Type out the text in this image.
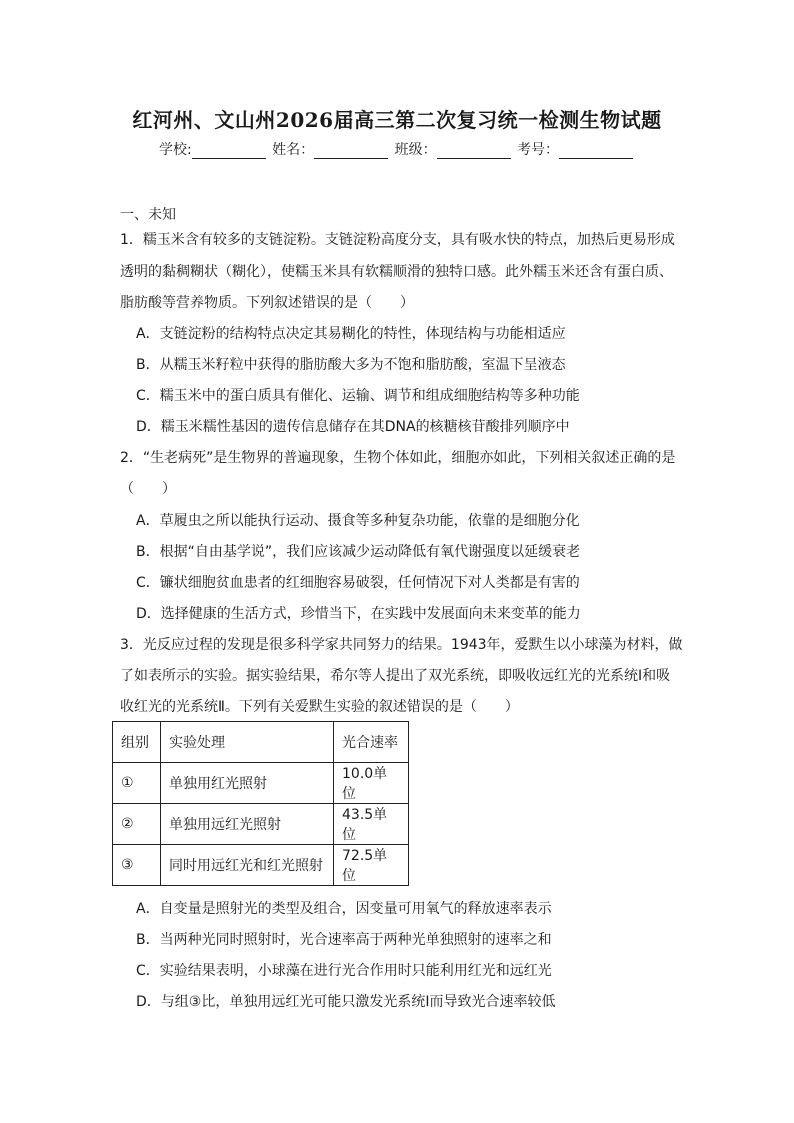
红河州、文山州2026届高三第二次复习统一检测生物试题
学校:	姓名：	班级：	考号：
一、未知
1．糯玉米含有较多的支链淀粉。支链淀粉高度分支，具有吸水快的特点，加热后更易形成
透明的黏稠糊状（糊化），使糯玉米具有软糯顺滑的独特口感。此外糯玉米还含有蛋白质、
脂肪酸等营养物质。下列叙述错误的是（　　）
A．支链淀粉的结构特点决定其易糊化的特性，体现结构与功能相适应
B．从糯玉米籽粒中获得的脂肪酸大多为不饱和脂肪酸，室温下呈液态
C．糯玉米中的蛋白质具有催化、运输、调节和组成细胞结构等多种功能
D．糯玉米糯性基因的遗传信息储存在其DNA的核糖核苷酸排列顺序中
2．“生老病死”是生物界的普遍现象，生物个体如此，细胞亦如此，下列相关叙述正确的是
（　　）
A．草履虫之所以能执行运动、摄食等多种复杂功能，依靠的是细胞分化
B．根据“自由基学说”，我们应该减少运动降低有氧代谢强度以延缓衰老
C．镰状细胞贫血患者的红细胞容易破裂，任何情况下对人类都是有害的
D．选择健康的生活方式，珍惜当下，在实践中发展面向未来变革的能力
3．光反应过程的发现是很多科学家共同努力的结果。1943年，爱默生以小球藻为材料，做
了如表所示的实验。据实验结果，希尔等人提出了双光系统，即吸收远红光的光系统Ⅰ和吸
收红光的光系统Ⅱ。下列有关爱默生实验的叙述错误的是（　　）
组别	实验处理	光合速率
①	单独用红光照射	10.0单位
②	单独用远红光照射	43.5单位
③	同时用远红光和红光照射	72.5单位
A．自变量是照射光的类型及组合，因变量可用氧气的释放速率表示
B．当两种光同时照射时，光合速率高于两种光单独照射的速率之和
C．实验结果表明，小球藻在进行光合作用时只能利用红光和远红光
D．与组③比，单独用远红光可能只激发光系统Ⅰ而导致光合速率较低
